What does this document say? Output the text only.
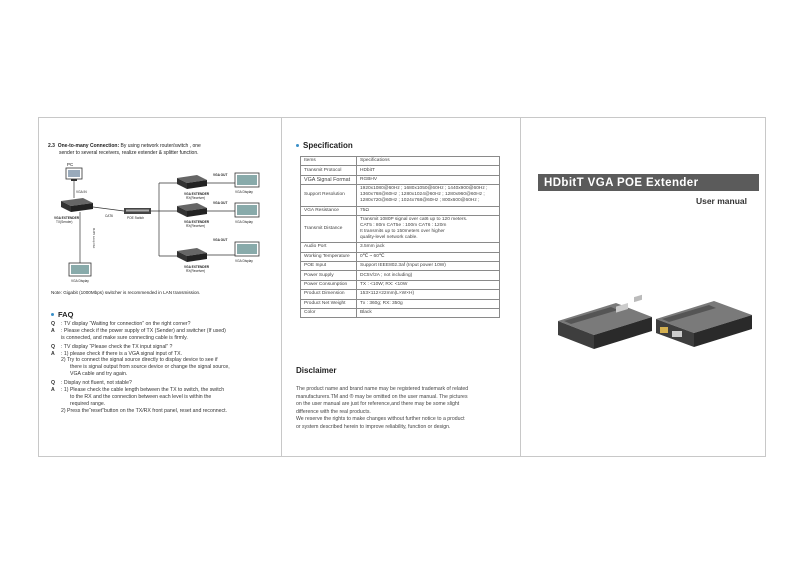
2.3 One-to-many Connection: By using network router/switch , one
sender to several receivers, realize extender & splitter function.
PC
VGA IN
VGA EXTENDER
TX(Sender)
RJ45 Loop Out
VGA Display
CAT6	POE Switch
VGA EXTENDER
RX(Receiver)
VGA OUT
VGA Display
VGA EXTENDER
RX(Receiver)
VGA OUT
VGA Display
VGA EXTENDER
RX(Receiver)
VGA OUT
VGA Display
Note: Gigabit (1000Mbps) switcher is recommended in LAN transmission.
FAQ

Q : TV display “Waiting for connection” on the right corner?

A : Please check if the power supply of TX (Sender) and switcher (If used)

is connected, and make sure connecting cable is firmly.

Q : TV display “Please check the TX input signal” ?

A : 1) please check if there is a VGA signal input of TX.

2) Try to connect the signal source directly to display device to see if

there is signal output from source device or change the signal source,

VGA cable and try again.

Q : Display not fluent, not stable?

A : 1) Please check the cable length between the TX to switch, the switch

to the RX and the connection between each level is within the

required range.

2) Press the“reset”button on the TX/RX front panel, reset and reconnect.

Specification
Items	Specifications

Transmit Protocol	HDbitT

VGA Signal Format	RGBHV

Support Resolution	1920x1080@60Hz ; 1680x1050@60Hz ; 1440x900@60Hz ;
1360x768@60Hz ; 1280x1024@60Hz ; 1280x960@60Hz ;
1280x720@60Hz ; 1024x768@60Hz ; 800x600@60Hz ;

VGA Resistance	75Ω

Transmit Distance	Transmit 1080P signal over cat6 up to 120 meters.
CAT5 : 80m CAT5e : 100m CAT6 : 120m
It transmits up to 150meters over higher
quality-level network cable.

Audio Port	3.5mm jack

Working Temperature	0℃ ~ 60℃

POE Input	Support IEEE802.3af (Input power 10W)

Power Supply	DC5V/2A ; not including)

Power Consumption	TX : <10W; RX: <10W

Product Dimension	153×112×22mm(L×W×H)

Product Net Weight	Tx : 360g; RX: 350g

Color	Black
Disclaimer
The product name and brand name may be registered trademark of related
manufacturers.TM and ® may be omitted on the user manual. The pictures
on the user manual are just for reference,and there may be some slight
difference with the real products.
We reserve the rights to make changes without further notice to a product
or system described herein to improve reliability, function or design.
HDbitT VGA POE Extender
User manual
